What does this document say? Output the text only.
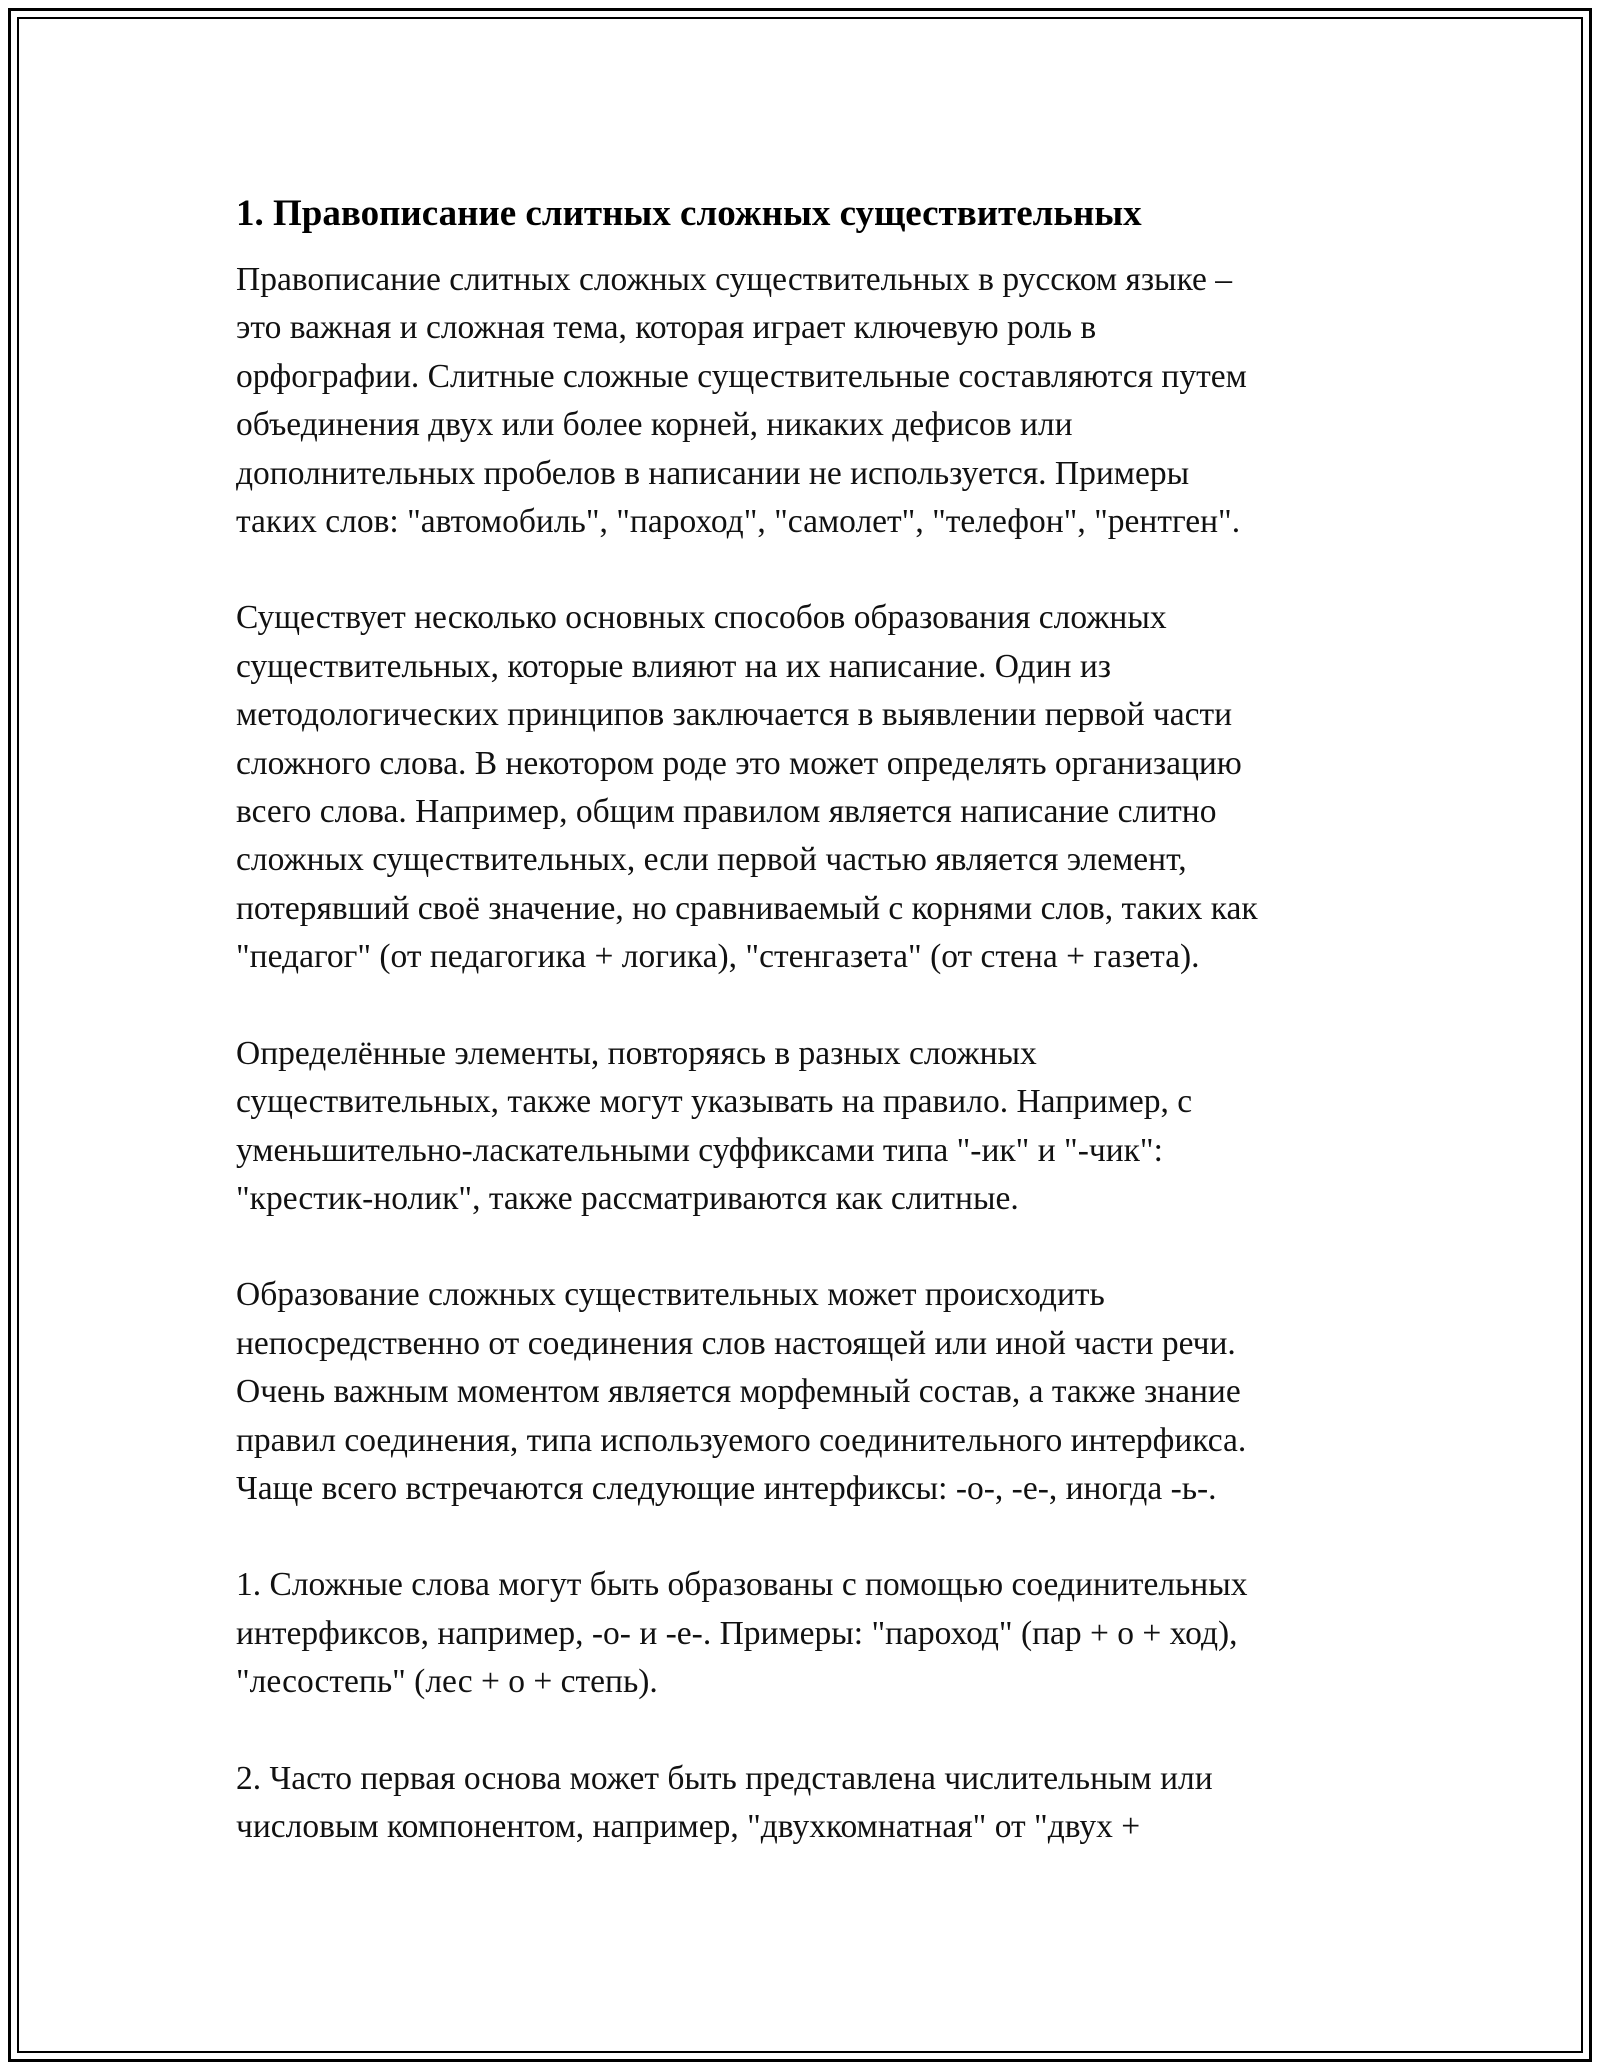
1. Правописание слитных сложных существительных

Правописание слитных сложных существительных в русском языке –
это важная и сложная тема, которая играет ключевую роль в
орфографии. Слитные сложные существительные составляются путем
объединения двух или более корней, никаких дефисов или
дополнительных пробелов в написании не используется. Примеры
таких слов: "автомобиль", "пароход", "самолет", "телефон", "рентген".

Существует несколько основных способов образования сложных
существительных, которые влияют на их написание. Один из
методологических принципов заключается в выявлении первой части
сложного слова. В некотором роде это может определять организацию
всего слова. Например, общим правилом является написание слитно
сложных существительных, если первой частью является элемент,
потерявший своё значение, но сравниваемый с корнями слов, таких как
"педагог" (от педагогика + логика), "стенгазета" (от стена + газета).

Определённые элементы, повторяясь в разных сложных
существительных, также могут указывать на правило. Например, с
уменьшительно-ласкательными суффиксами типа "-ик" и "-чик":
"крестик-нолик", также рассматриваются как слитные.

Образование сложных существительных может происходить
непосредственно от соединения слов настоящей или иной части речи.
Очень важным моментом является морфемный состав, а также знание
правил соединения, типа используемого соединительного интерфикса.
Чаще всего встречаются следующие интерфиксы: -о-, -е-, иногда -ь-.

1. Сложные слова могут быть образованы с помощью соединительных
интерфиксов, например, -о- и -е-. Примеры: "пароход" (пар + о + ход),
"лесостепь" (лес + о + степь).

2. Часто первая основа может быть представлена числительным или
числовым компонентом, например, "двухкомнатная" от "двух +
